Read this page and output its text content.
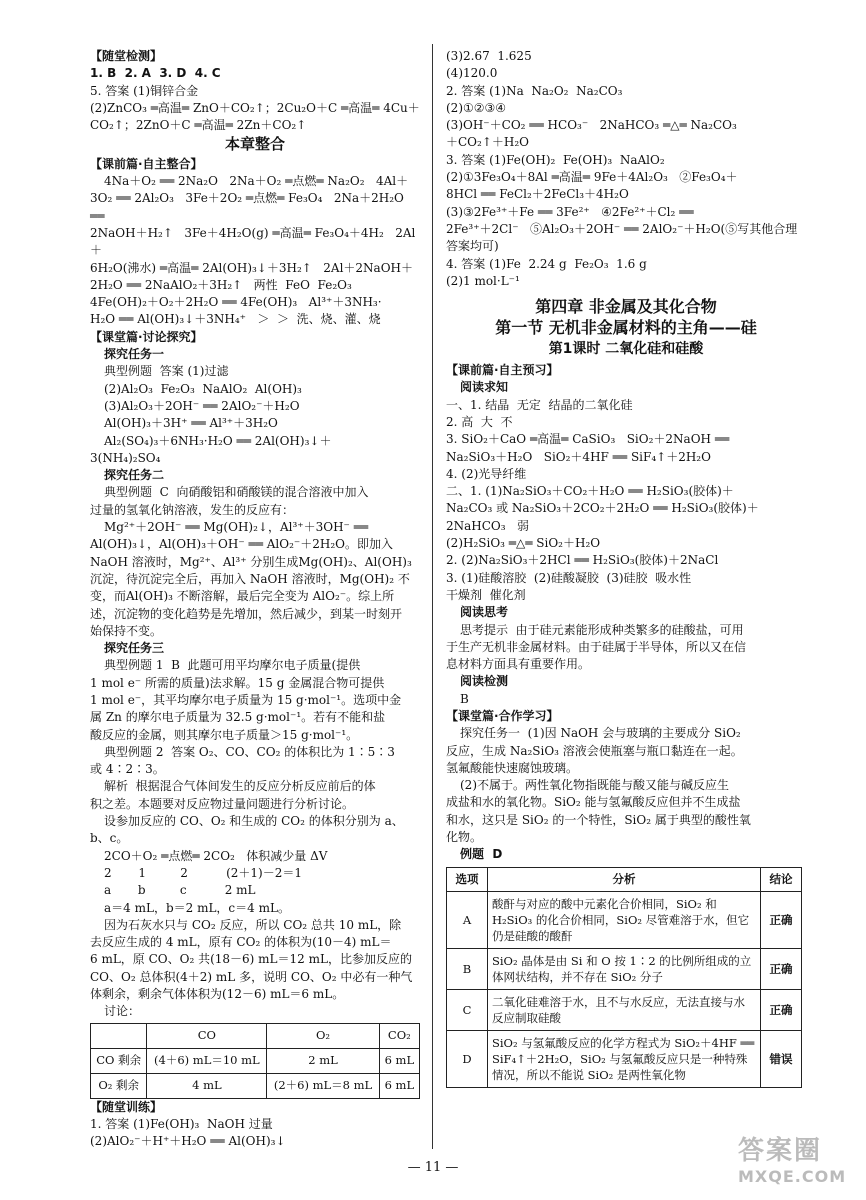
【随堂检测】
1. B  2. A  3. D  4. C
5. 答案 (1)铜锌合金
(2)ZnCO₃ ═高温═ ZnO＋CO₂↑；2Cu₂O＋C ═高温═ 4Cu＋
CO₂↑；2ZnO＋C ═高温═ 2Zn＋CO₂↑
本章整合
【课前篇·自主整合】
4Na＋O₂ ══ 2Na₂O   2Na＋O₂ ═点燃═ Na₂O₂   4Al＋
3O₂ ══ 2Al₂O₃   3Fe＋2O₂ ═点燃═ Fe₃O₄   2Na＋2H₂O ══
2NaOH＋H₂↑   3Fe＋4H₂O(g) ═高温═ Fe₃O₄＋4H₂   2Al＋
6H₂O(沸水) ═高温═ 2Al(OH)₃↓＋3H₂↑   2Al＋2NaOH＋
2H₂O ══ 2NaAlO₂＋3H₂↑   两性  FeO  Fe₂O₃
4Fe(OH)₂＋O₂＋2H₂O ══ 4Fe(OH)₃   Al³⁺＋3NH₃·
H₂O ══ Al(OH)₃↓＋3NH₄⁺   ＞  ＞  洗、烧、灌、烧
【课堂篇·讨论探究】
探究任务一
典型例题  答案 (1)过滤
(2)Al₂O₃  Fe₂O₃  NaAlO₂  Al(OH)₃
(3)Al₂O₃＋2OH⁻ ══ 2AlO₂⁻＋H₂O
Al(OH)₃＋3H⁺ ══ Al³⁺＋3H₂O
Al₂(SO₄)₃＋6NH₃·H₂O ══ 2Al(OH)₃↓＋
3(NH₄)₂SO₄
探究任务二
典型例题  C  向硝酸铝和硝酸镁的混合溶液中加入
过量的氢氧化钠溶液，发生的反应有：
Mg²⁺＋2OH⁻ ══ Mg(OH)₂↓，Al³⁺＋3OH⁻ ══
Al(OH)₃↓，Al(OH)₃＋OH⁻ ══ AlO₂⁻＋2H₂O。即加入
NaOH 溶液时，Mg²⁺、Al³⁺ 分别生成Mg(OH)₂、Al(OH)₃
沉淀，待沉淀完全后，再加入 NaOH 溶液时，Mg(OH)₂ 不
变，而Al(OH)₃ 不断溶解，最后完全变为 AlO₂⁻。综上所
述，沉淀物的变化趋势是先增加，然后减少，到某一时刻开
始保持不变。
探究任务三
典型例题 1  B  此题可用平均摩尔电子质量(提供
1 mol e⁻ 所需的质量)法求解。15 g 金属混合物可提供
1 mol e⁻，其平均摩尔电子质量为 15 g·mol⁻¹。选项中金
属 Zn 的摩尔电子质量为 32.5 g·mol⁻¹。若有不能和盐
酸反应的金属，则其摩尔电子质量＞15 g·mol⁻¹。
典型例题 2  答案 O₂、CO、CO₂ 的体积比为 1∶5∶3
或 4∶2∶3。
解析  根据混合气体间发生的反应分析反应前后的体
积之差。本题要对反应物过量问题进行分析讨论。
设参加反应的 CO、O₂ 和生成的 CO₂ 的体积分别为 a、
b、c。
2CO＋O₂ ═点燃═ 2CO₂   体积减少量 ΔV
2       1         2          (2＋1)－2＝1
a       b         c          2 mL
a＝4 mL，b＝2 mL，c＝4 mL。
因为石灰水只与 CO₂ 反应，所以 CO₂ 总共 10 mL，除
去反应生成的 4 mL，原有 CO₂ 的体积为(10－4) mL＝
6 mL，原 CO、O₂ 共(18－6) mL＝12 mL，比参加反应的
CO、O₂ 总体积(4＋2) mL 多，说明 CO、O₂ 中必有一种气
体剩余，剩余气体体积为(12－6) mL＝6 mL。
讨论：
	CO	O₂	CO₂
CO 剩余	(4＋6) mL＝10 mL	2 mL	6 mL
O₂ 剩余	4 mL	(2＋6) mL＝8 mL	6 mL
【随堂训练】
1. 答案 (1)Fe(OH)₃  NaOH 过量
(2)AlO₂⁻＋H⁺＋H₂O ══ Al(OH)₃↓
(3)2.67  1.625
(4)120.0
2. 答案 (1)Na  Na₂O₂  Na₂CO₃
(2)①②③④
(3)OH⁻＋CO₂ ══ HCO₃⁻   2NaHCO₃ ═△═ Na₂CO₃
＋CO₂↑＋H₂O
3. 答案 (1)Fe(OH)₂  Fe(OH)₃  NaAlO₂
(2)①3Fe₃O₄＋8Al ═高温═ 9Fe＋4Al₂O₃   ②Fe₃O₄＋
8HCl ══ FeCl₂＋2FeCl₃＋4H₂O
(3)③2Fe³⁺＋Fe ══ 3Fe²⁺   ④2Fe²⁺＋Cl₂ ══
2Fe³⁺＋2Cl⁻   ⑤Al₂O₃＋2OH⁻ ══ 2AlO₂⁻＋H₂O(⑤写其他合理答案均可)
4. 答案 (1)Fe  2.24 g  Fe₂O₃  1.6 g
(2)1 mol·L⁻¹
第四章 非金属及其化合物
第一节 无机非金属材料的主角——硅
第1课时 二氧化硅和硅酸
【课前篇·自主预习】
阅读求知
一、1. 结晶  无定  结晶的二氧化硅
2. 高  大  不
3. SiO₂＋CaO ═高温═ CaSiO₃   SiO₂＋2NaOH ══
Na₂SiO₃＋H₂O   SiO₂＋4HF ══ SiF₄↑＋2H₂O
4. (2)光导纤维
二、1. (1)Na₂SiO₃＋CO₂＋H₂O ══ H₂SiO₃(胶体)＋
Na₂CO₃ 或 Na₂SiO₃＋2CO₂＋2H₂O ══ H₂SiO₃(胶体)＋
2NaHCO₃   弱
(2)H₂SiO₃ ═△═ SiO₂＋H₂O
2. (2)Na₂SiO₃＋2HCl ══ H₂SiO₃(胶体)＋2NaCl
3. (1)硅酸溶胶  (2)硅酸凝胶  (3)硅胶  吸水性
干燥剂  催化剂
阅读思考
思考提示  由于硅元素能形成种类繁多的硅酸盐，可用
于生产无机非金属材料。由于硅属于半导体，所以又在信
息材料方面具有重要作用。
阅读检测
B
【课堂篇·合作学习】
探究任务一  (1)因 NaOH 会与玻璃的主要成分 SiO₂
反应，生成 Na₂SiO₃ 溶液会使瓶塞与瓶口黏连在一起。
氢氟酸能快速腐蚀玻璃。
(2)不属于。两性氧化物指既能与酸又能与碱反应生
成盐和水的氧化物。SiO₂ 能与氢氟酸反应但并不生成盐
和水，这只是 SiO₂ 的一个特性，SiO₂ 属于典型的酸性氧
化物。
例题  D
选项	分析	结论
A	酸酐与对应的酸中元素化合价相同，SiO₂ 和 H₂SiO₃ 的化合价相同，SiO₂ 尽管难溶于水，但它仍是硅酸的酸酐	正确
B	SiO₂ 晶体是由 Si 和 O 按 1∶2 的比例所组成的立体网状结构，并不存在 SiO₂ 分子	正确
C	二氧化硅难溶于水，且不与水反应，无法直接与水反应制取硅酸	正确
D	SiO₂ 与氢氟酸反应的化学方程式为 SiO₂＋4HF ══ SiF₄↑＋2H₂O，SiO₂ 与氢氟酸反应只是一种特殊情况，所以不能说 SiO₂ 是两性氧化物	错误
— 11 —
答案圈
MXQE.COM
